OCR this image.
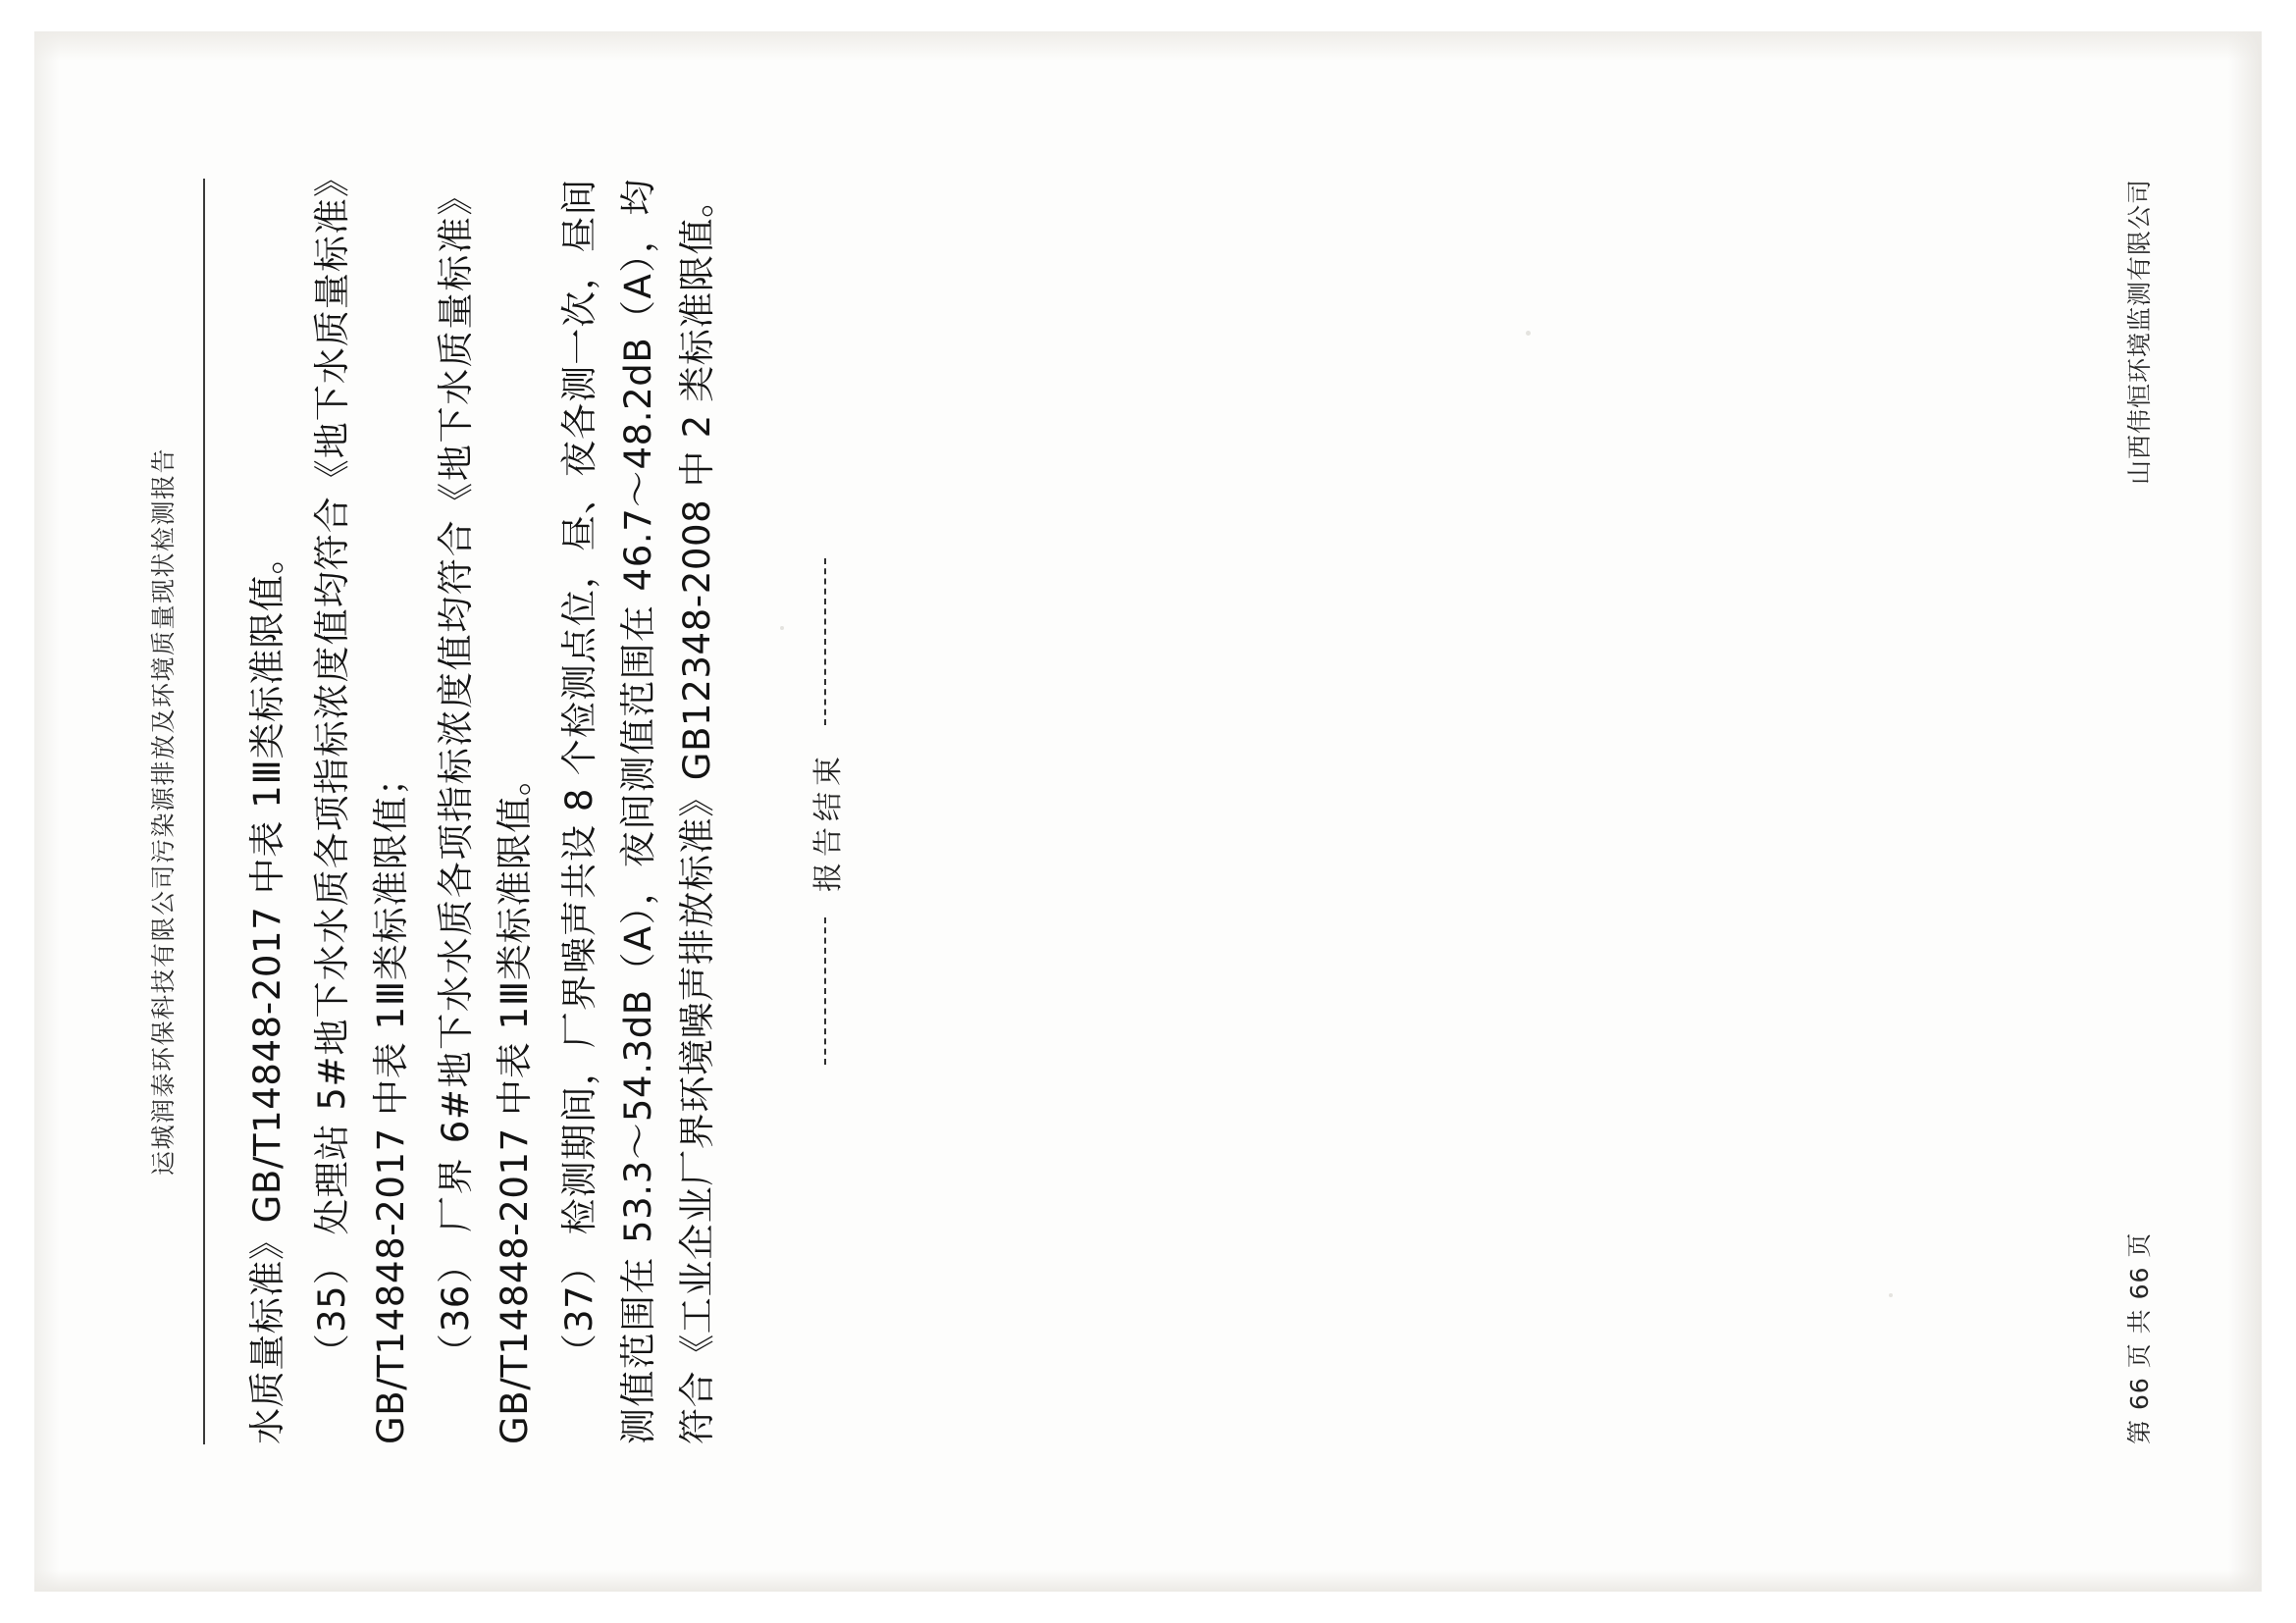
运城润泰环保科技有限公司污染源排放及环境质量现状检测报告 水质量标准》GB/T14848-2017 中表 1Ⅲ类标准限值。 （35） 处理站 5#地下水水质各项指标浓度值均符合《地下水质量标准》GB/T14848-2017 中表 1Ⅲ类标准限值； （36） 厂界 6#地下水水质各项指标浓度值均符合《地下水质量标准》GB/T14848-2017 中表 1Ⅲ类标准限值。 （37） 检测期间，厂界噪声共设 8 个检测点位，昼、夜各测一次，昼间测值范围在 53.3～54.3dB（A），夜间测值范围在 46.7～48.2dB（A），均符合《工业企业厂界环境噪声排放标准》GB12348-2008 中 2 类标准限值。	报告结束
第 66 页 共 66 页
山西伟恒环境监测有限公司
